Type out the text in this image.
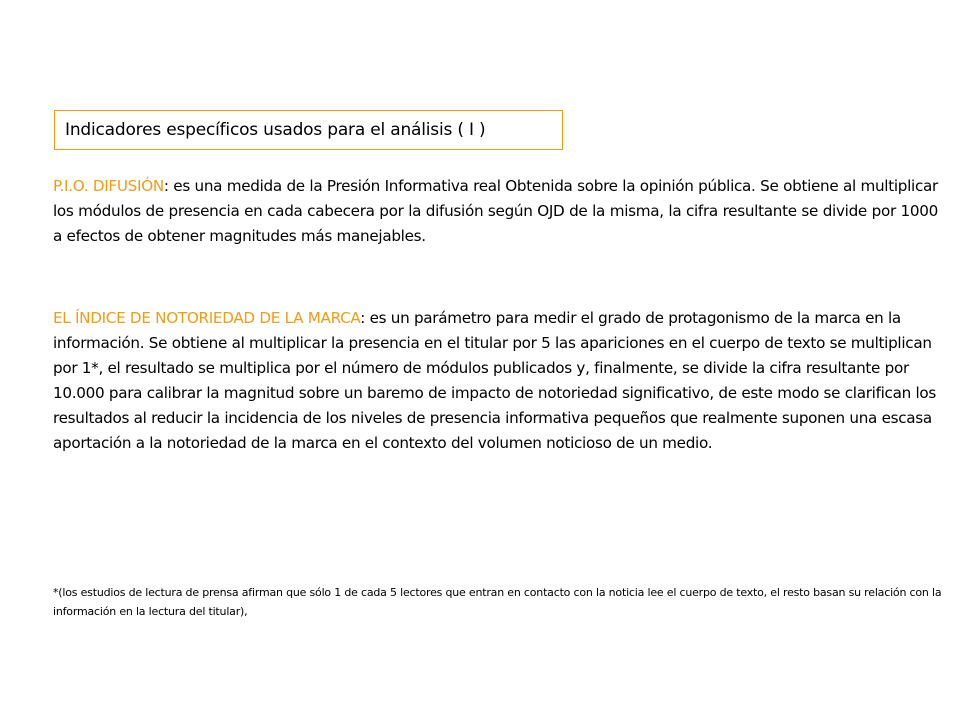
Indicadores específicos usados para el análisis ( I )

P.I.O. DIFUSIÓN: es una medida de la Presión Informativa real Obtenida sobre la opinión pública. Se obtiene al multiplicar los módulos de presencia en cada cabecera por la difusión según OJD de la misma, la cifra resultante se divide por 1000 a efectos de obtener magnitudes más manejables.

EL ÍNDICE DE NOTORIEDAD DE LA MARCA: es un parámetro para medir el grado de protagonismo de la marca en la información. Se obtiene al multiplicar la presencia en el titular por 5 las apariciones en el cuerpo de texto se multiplican por 1*, el resultado se multiplica por el número de módulos publicados y, finalmente, se divide la cifra resultante por 10.000 para calibrar la magnitud sobre un baremo de impacto de notoriedad significativo, de este modo se clarifican los resultados al reducir la incidencia de los niveles de presencia informativa pequeños que realmente suponen una escasa aportación a la notoriedad de la marca en el contexto del volumen noticioso de un medio.

*(los estudios de lectura de prensa afirman que sólo 1 de cada 5 lectores que entran en contacto con la noticia lee el cuerpo de texto, el resto basan su relación con la información en la lectura del titular),
